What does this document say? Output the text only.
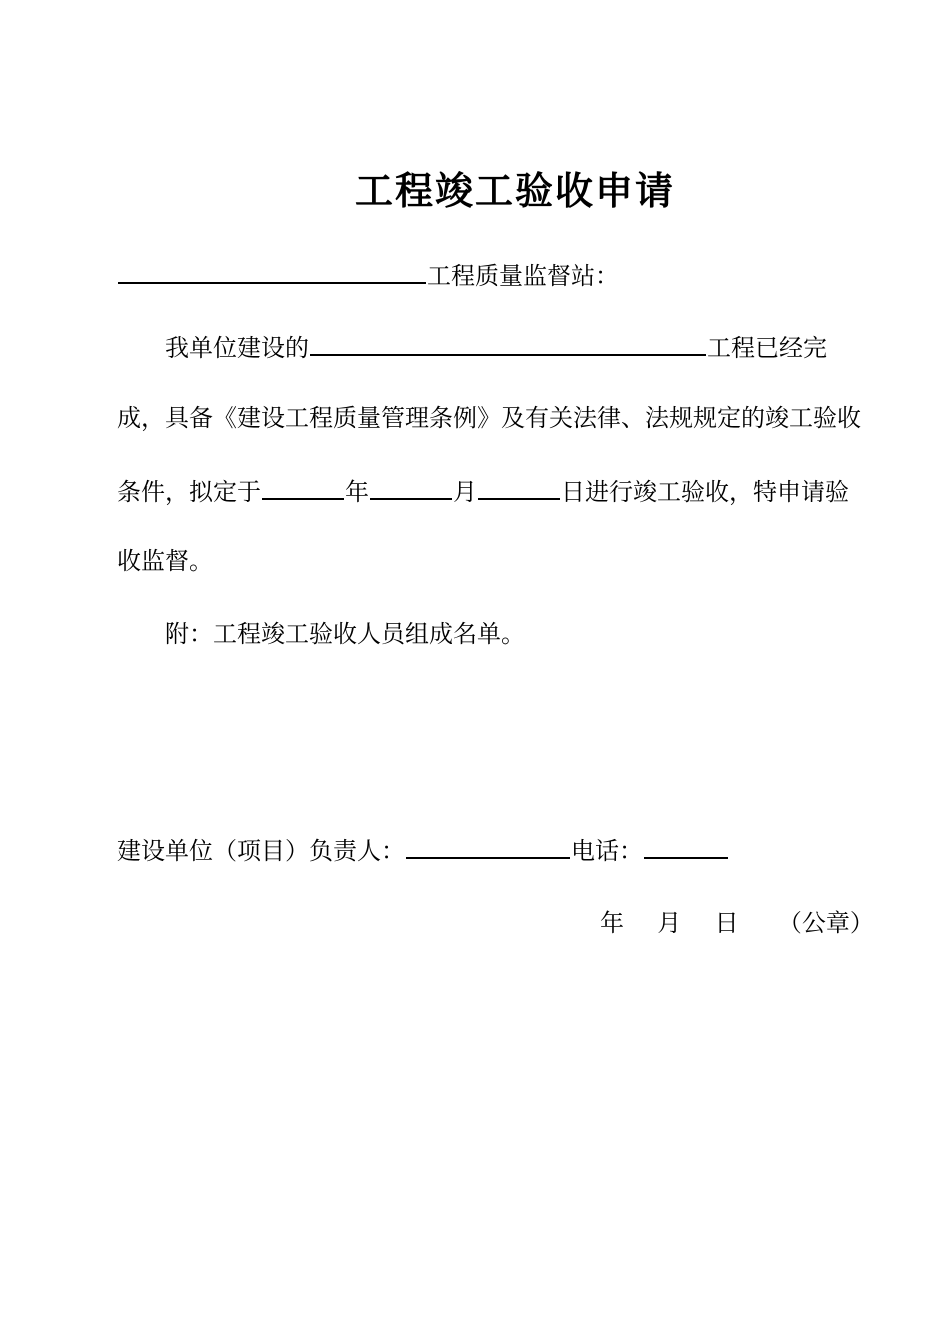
工程竣工验收申请
工程质量监督站：
我单位建设的	工程已经完
成，具备《建设工程质量管理条例》及有关法律、法规规定的竣工验收
条件，拟定于	年	月	日进行竣工验收，特申请验
收监督。
附：工程竣工验收人员组成名单。
建设单位（项目）负责人：	电话：
年 月 日 （公章）
